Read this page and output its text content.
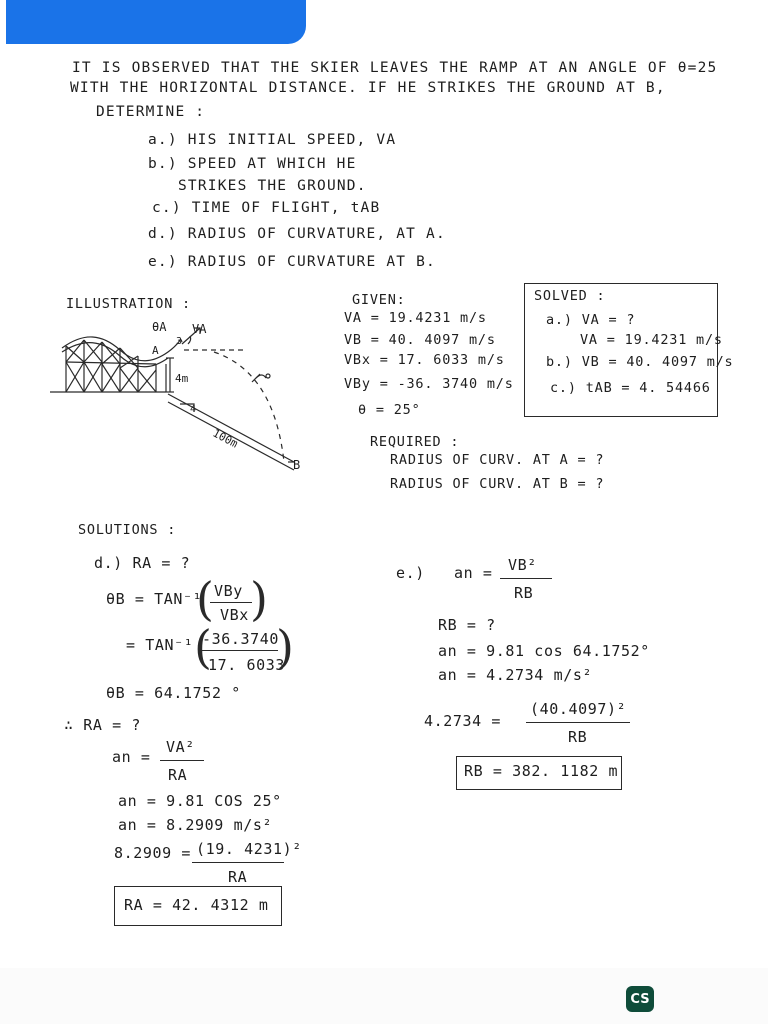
IT IS OBSERVED THAT THE SKIER LEAVES THE RAMP AT AN ANGLE OF θ=25
WITH THE HORIZONTAL DISTANCE. IF HE STRIKES THE GROUND AT B,
DETERMINE :
a.) HIS INITIAL SPEED, VA
b.) SPEED AT WHICH HE
STRIKES THE GROUND.
c.) TIME OF FLIGHT, tAB
d.) RADIUS OF CURVATURE, AT A.
e.) RADIUS OF CURVATURE AT B.
ILLUSTRATION :
θA VA
A
3
4m
4
100m
B
GIVEN:
VA = 19.4231 m/s
VB = 40. 4097 m/s
VBx = 17. 6033 m/s
VBy = -36. 3740 m/s
θ = 25°
SOLVED :
a.) VA = ?
VA = 19.4231 m/s
b.) VB = 40. 4097 m/s
c.) tAB = 4. 54466
REQUIRED :
RADIUS OF CURV. AT A = ?
RADIUS OF CURV. AT B = ?
SOLUTIONS :
d.) RA = ?
θB = TAN⁻¹
( VBy
VBx )
= TAN⁻¹ (
-36.3740
17. 6033
)
θB = 64.1752 °
∴ RA = ?
an =
VA²
RA
an = 9.81 COS 25°
an = 8.2909 m/s²
8.2909 = (19. 4231)²
RA
RA = 42. 4312 m
e.) an = VB²
RB
RB = ?
an = 9.81 cos 64.1752°
an = 4.2734 m/s²
4.2734 =
(40.4097)²
RB
RB = 382. 1182 m
CS
